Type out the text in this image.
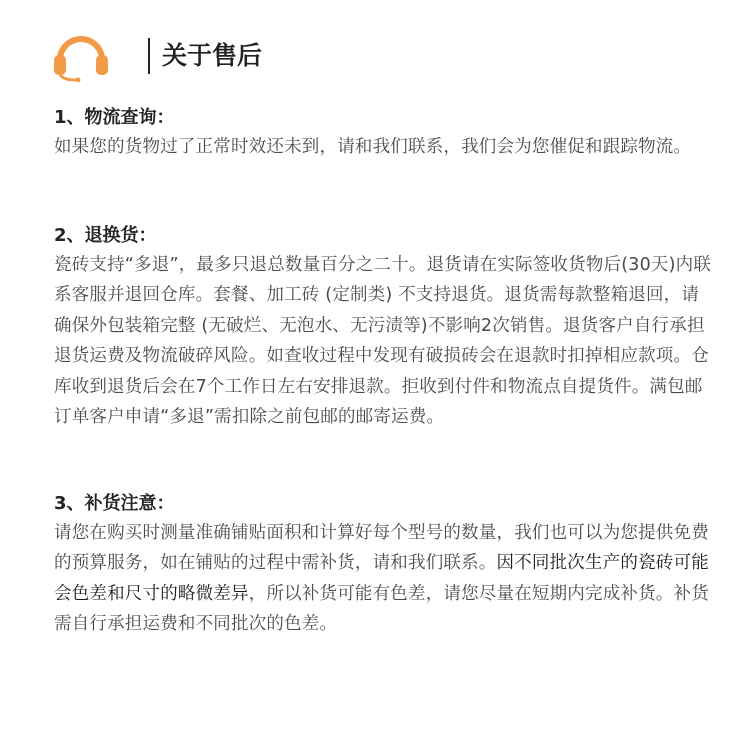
关于售后
1、物流查询：

如果您的货物过了正常时效还未到，请和我们联系，我们会为您催促和跟踪物流。

2、退换货：

瓷砖支持“多退”，最多只退总数量百分之二十。退货请在实际签收货物后(30天)内联系客服并退回仓库。套餐、加工砖 (定制类) 不支持退货。退货需每款整箱退回，请确保外包装箱完整 (无破烂、无泡水、无污渍等)不影响2次销售。退货客户自行承担退货运费及物流破碎风险。如查收过程中发现有破损砖会在退款时扣掉相应款项。仓库收到退货后会在7个工作日左右安排退款。拒收到付件和物流点自提货件。满包邮订单客户申请“多退”需扣除之前包邮的邮寄运费。

3、补货注意：

请您在购买时测量准确铺贴面积和计算好每个型号的数量，我们也可以为您提供免费的预算服务，如在铺贴的过程中需补货，请和我们联系。因不同批次生产的瓷砖可能会色差和尺寸的略微差异，所以补货可能有色差，请您尽量在短期内完成补货。补货需自行承担运费和不同批次的色差。
